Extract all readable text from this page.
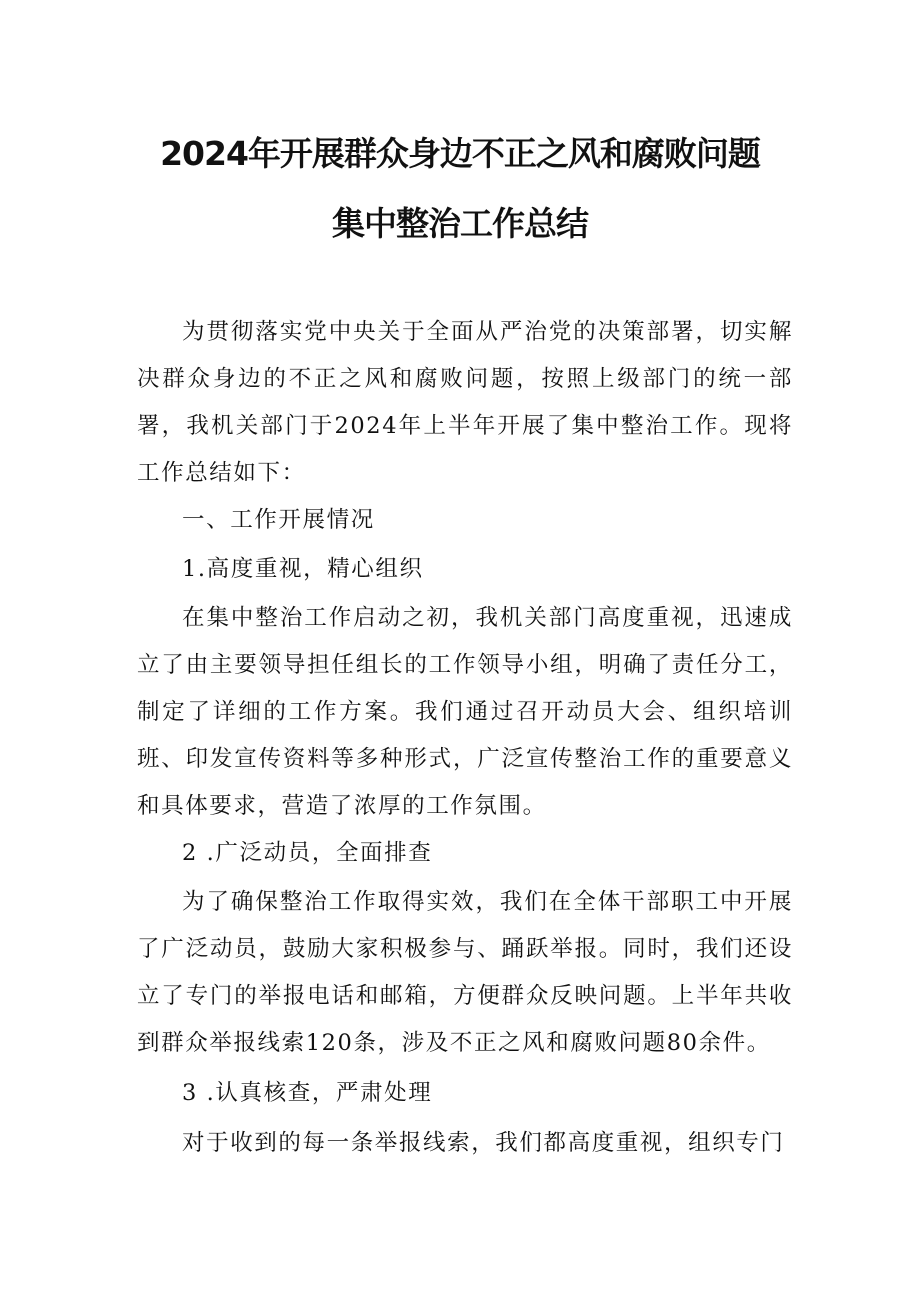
2024年开展群众身边不正之风和腐败问题
集中整治工作总结

为贯彻落实党中央关于全面从严治党的决策部署，切实解决群众身边的不正之风和腐败问题，按照上级部门的统一部署，我机关部门于2024年上半年开展了集中整治工作。现将工作总结如下：

一、工作开展情况

1.高度重视，精心组织

在集中整治工作启动之初，我机关部门高度重视，迅速成立了由主要领导担任组长的工作领导小组，明确了责任分工，制定了详细的工作方案。我们通过召开动员大会、组织培训班、印发宣传资料等多种形式，广泛宣传整治工作的重要意义和具体要求，营造了浓厚的工作氛围。

2 .广泛动员，全面排查

为了确保整治工作取得实效，我们在全体干部职工中开展了广泛动员，鼓励大家积极参与、踊跃举报。同时，我们还设立了专门的举报电话和邮箱，方便群众反映问题。上半年共收到群众举报线索120条，涉及不正之风和腐败问题80余件。

3 .认真核查，严肃处理

对于收到的每一条举报线索，我们都高度重视，组织专门
